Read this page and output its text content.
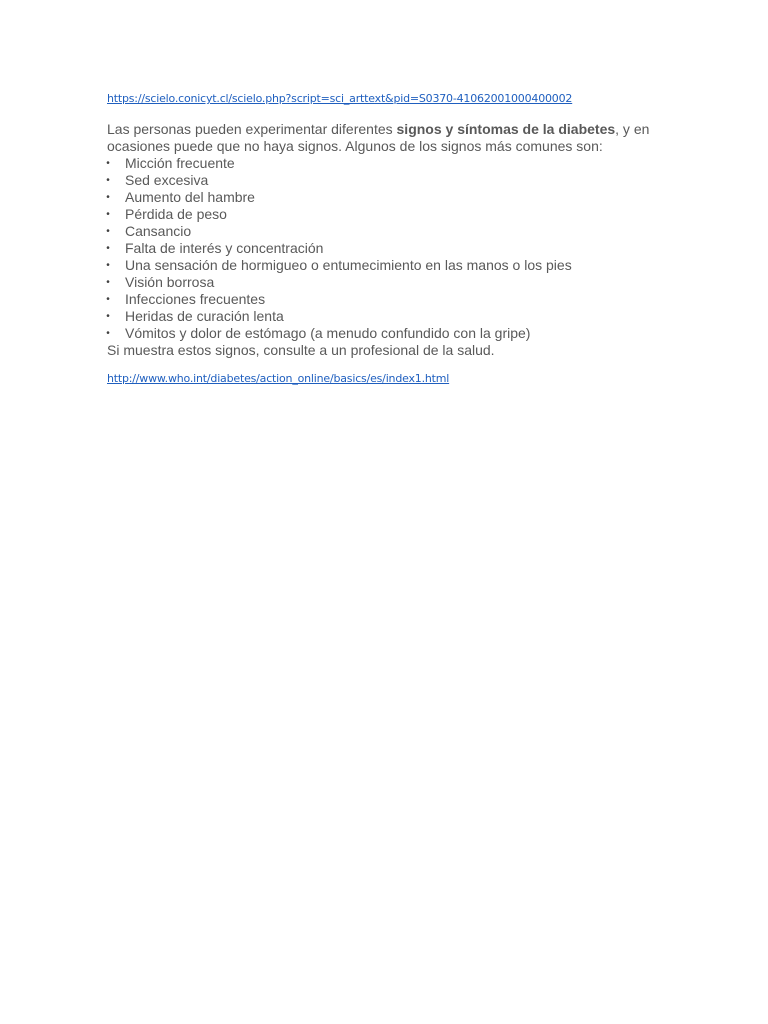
https://scielo.conicyt.cl/scielo.php?script=sci_arttext&pid=S0370-41062001000400002

Las personas pueden experimentar diferentes signos y síntomas de la diabetes, y en ocasiones puede que no haya signos. Algunos de los signos más comunes son:

• Micción frecuente
• Sed excesiva
• Aumento del hambre
• Pérdida de peso
• Cansancio
• Falta de interés y concentración
• Una sensación de hormigueo o entumecimiento en las manos o los pies
• Visión borrosa
• Infecciones frecuentes
• Heridas de curación lenta
• Vómitos y dolor de estómago (a menudo confundido con la gripe)

Si muestra estos signos, consulte a un profesional de la salud.

http://www.who.int/diabetes/action_online/basics/es/index1.html
